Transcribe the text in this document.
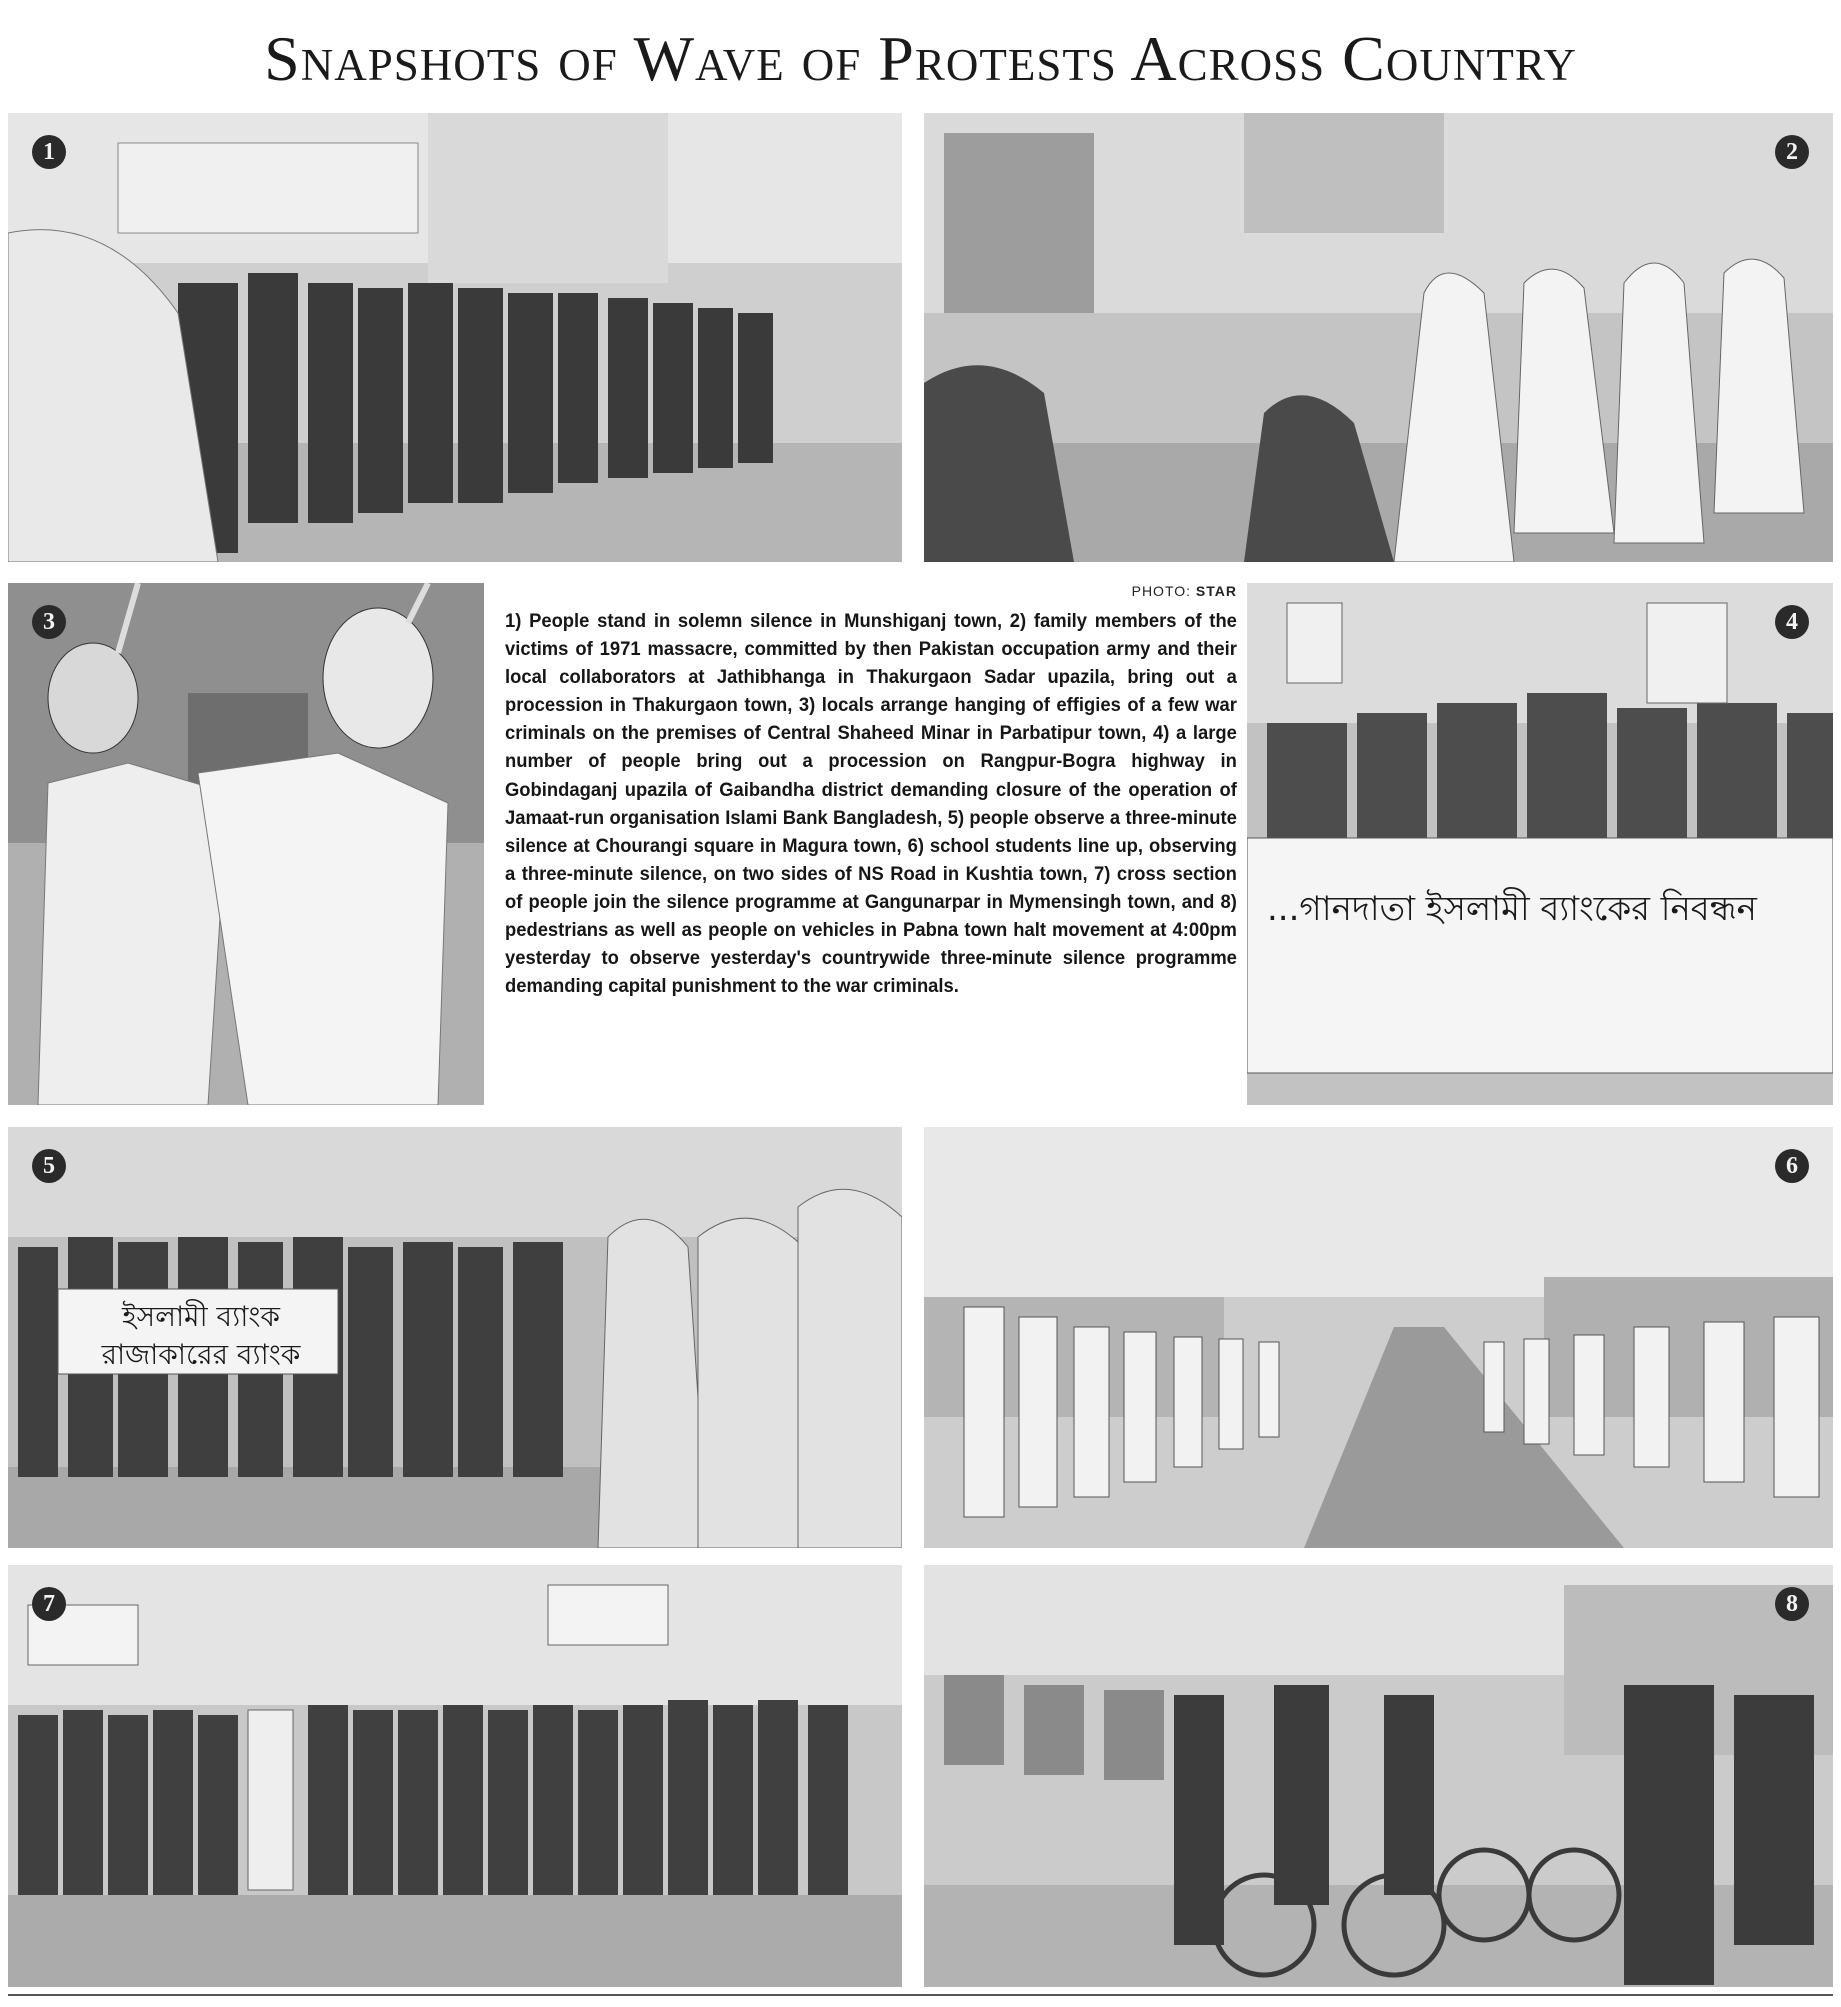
Snapshots of Wave of Protests Across Country
1	2
3
PHOTO: STAR
1) People stand in solemn silence in Munshiganj town, 2) family members of the victims of 1971 massacre, committed by then Pakistan occupation army and their local collaborators at Jathibhanga in Thakurgaon Sadar upazila, bring out a procession in Thakurgaon town, 3) locals arrange hanging of effigies of a few war criminals on the premises of Central Shaheed Minar in Parbatipur town, 4) a large number of people bring out a procession on Rangpur-Bogra highway in Gobindaganj upazila of Gaibandha district demanding closure of the operation of Jamaat-run organisation Islami Bank Bangladesh, 5) people observe a three-minute silence at Chourangi square in Magura town, 6) school students line up, observing a three-minute silence, on two sides of NS Road in Kushtia town, 7) cross section of people join the silence programme at Gangunarpar in Mymensingh town, and 8) pedestrians as well as people on vehicles in Pabna town halt movement at 4:00pm yesterday to observe yesterday's countrywide three-minute silence programme demanding capital punishment to the war criminals.
...গানদাতা ইসলামী ব্যাংকের নিবন্ধন
4
ইসলামী ব্যাংক
রাজাকারের ব্যাংক
5	6
7	8
